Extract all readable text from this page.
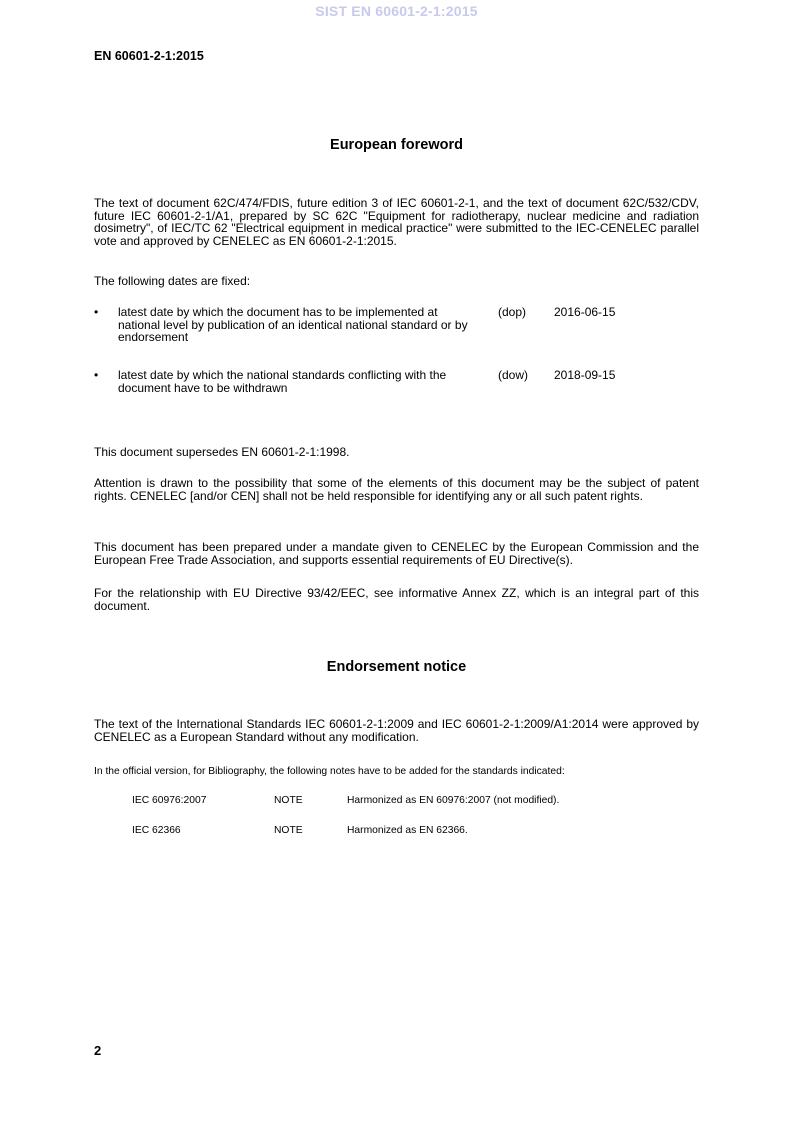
SIST EN 60601-2-1:2015
EN 60601-2-1:2015
European foreword

The text of document 62C/474/FDIS, future edition 3 of IEC 60601-2-1, and the text of document 62C/532/CDV, future IEC 60601-2-1/A1, prepared by SC 62C "Equipment for radiotherapy, nuclear medicine and radiation dosimetry", of IEC/TC 62 "Electrical equipment in medical practice" were submitted to the IEC-CENELEC parallel vote and approved by CENELEC as EN 60601-2-1:2015.

The following dates are fixed:

• latest date by which the document has to be implemented at national level by publication of an identical national standard or by endorsement
(dop) 2016-06-15
• latest date by which the national standards conflicting with the document have to be withdrawn
(dow) 2018-09-15

This document supersedes EN 60601-2-1:1998.

Attention is drawn to the possibility that some of the elements of this document may be the subject of patent rights. CENELEC [and/or CEN] shall not be held responsible for identifying any or all such patent rights.

This document has been prepared under a mandate given to CENELEC by the European Commission and the European Free Trade Association, and supports essential requirements of EU Directive(s).

For the relationship with EU Directive 93/42/EEC, see informative Annex ZZ, which is an integral part of this document.

Endorsement notice

The text of the International Standards IEC 60601-2-1:2009 and IEC 60601-2-1:2009/A1:2014 were approved by CENELEC as a European Standard without any modification.

In the official version, for Bibliography, the following notes have to be added for the standards indicated:

IEC 60976:2007	NOTE	Harmonized as EN 60976:2007 (not modified).
IEC 62366	NOTE	Harmonized as EN 62366.
2
